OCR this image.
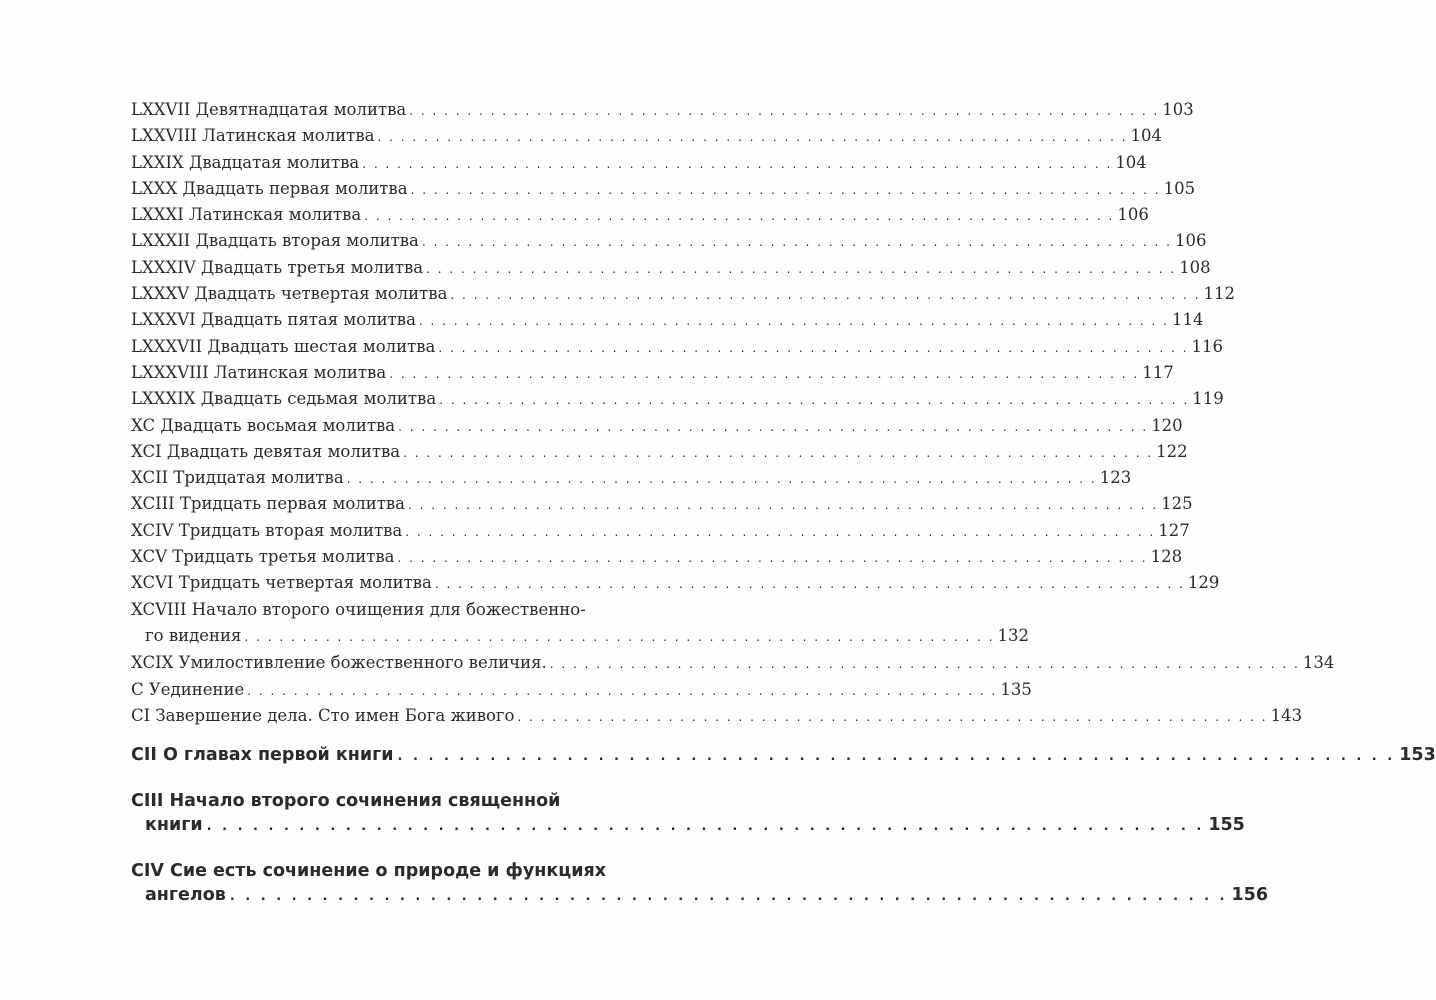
LXXVII Девятнадцатая молитва . . . . . . . . . . . . . . . . . . . . . . . . . . . . . . . . . . . . . . . . . . . . . . . . . . . . . . . . . . . . . . . . . 103
LXXVIII Латинская молитва . . . . . . . . . . . . . . . . . . . . . . . . . . . . . . . . . . . . . . . . . . . . . . . . . . . . . . . . . . . . . . . . . 104
LXXIX Двадцатая молитва . . . . . . . . . . . . . . . . . . . . . . . . . . . . . . . . . . . . . . . . . . . . . . . . . . . . . . . . . . . . . . . . . 104
LXXX Двадцать первая молитва . . . . . . . . . . . . . . . . . . . . . . . . . . . . . . . . . . . . . . . . . . . . . . . . . . . . . . . . . . . . . . . . . 105
LXXXI Латинская молитва . . . . . . . . . . . . . . . . . . . . . . . . . . . . . . . . . . . . . . . . . . . . . . . . . . . . . . . . . . . . . . . . . 106
LXXXII Двадцать вторая молитва . . . . . . . . . . . . . . . . . . . . . . . . . . . . . . . . . . . . . . . . . . . . . . . . . . . . . . . . . . . . . . . . . 106
LXXXIV Двадцать третья молитва . . . . . . . . . . . . . . . . . . . . . . . . . . . . . . . . . . . . . . . . . . . . . . . . . . . . . . . . . . . . . . . . . 108
LXXXV Двадцать четвертая молитва . . . . . . . . . . . . . . . . . . . . . . . . . . . . . . . . . . . . . . . . . . . . . . . . . . . . . . . . . . . . . . . . . 112
LXXXVI Двадцать пятая молитва . . . . . . . . . . . . . . . . . . . . . . . . . . . . . . . . . . . . . . . . . . . . . . . . . . . . . . . . . . . . . . . . . 114
LXXXVII Двадцать шестая молитва . . . . . . . . . . . . . . . . . . . . . . . . . . . . . . . . . . . . . . . . . . . . . . . . . . . . . . . . . . . . . . . . . 116
LXXXVIII Латинская молитва . . . . . . . . . . . . . . . . . . . . . . . . . . . . . . . . . . . . . . . . . . . . . . . . . . . . . . . . . . . . . . . . . 117
LXXXIX Двадцать седьмая молитва . . . . . . . . . . . . . . . . . . . . . . . . . . . . . . . . . . . . . . . . . . . . . . . . . . . . . . . . . . . . . . . . . 119
XC Двадцать восьмая молитва . . . . . . . . . . . . . . . . . . . . . . . . . . . . . . . . . . . . . . . . . . . . . . . . . . . . . . . . . . . . . . . . . 120
XCI Двадцать девятая молитва . . . . . . . . . . . . . . . . . . . . . . . . . . . . . . . . . . . . . . . . . . . . . . . . . . . . . . . . . . . . . . . . . 122
XCII Тридцатая молитва . . . . . . . . . . . . . . . . . . . . . . . . . . . . . . . . . . . . . . . . . . . . . . . . . . . . . . . . . . . . . . . . . 123
XCIII Тридцать первая молитва . . . . . . . . . . . . . . . . . . . . . . . . . . . . . . . . . . . . . . . . . . . . . . . . . . . . . . . . . . . . . . . . . 125
XCIV Тридцать вторая молитва . . . . . . . . . . . . . . . . . . . . . . . . . . . . . . . . . . . . . . . . . . . . . . . . . . . . . . . . . . . . . . . . . 127
XCV Тридцать третья молитва . . . . . . . . . . . . . . . . . . . . . . . . . . . . . . . . . . . . . . . . . . . . . . . . . . . . . . . . . . . . . . . . . 128
XCVI Тридцать четвертая молитва . . . . . . . . . . . . . . . . . . . . . . . . . . . . . . . . . . . . . . . . . . . . . . . . . . . . . . . . . . . . . . . . . 129
XCVIII Начало второго очищения для божественно-
го видения . . . . . . . . . . . . . . . . . . . . . . . . . . . . . . . . . . . . . . . . . . . . . . . . . . . . . . . . . . . . . . . . . 132
XCIX Умилостивление божественного величия. . . . . . . . . . . . . . . . . . . . . . . . . . . . . . . . . . . . . . . . . . . . . . . . . . . . . . . . . . . . . . . . . . 134
C Уединение . . . . . . . . . . . . . . . . . . . . . . . . . . . . . . . . . . . . . . . . . . . . . . . . . . . . . . . . . . . . . . . . . 135
CI Завершение дела. Сто имен Бога живого . . . . . . . . . . . . . . . . . . . . . . . . . . . . . . . . . . . . . . . . . . . . . . . . . . . . . . . . . . . . . . . . . 143
CII О главах первой книги . . . . . . . . . . . . . . . . . . . . . . . . . . . . . . . . . . . . . . . . . . . . . . . . . . . . . . . . . . . . . . . . . 153
CIII Начало второго сочинения священной
книги . . . . . . . . . . . . . . . . . . . . . . . . . . . . . . . . . . . . . . . . . . . . . . . . . . . . . . . . . . . . . . . . . 155
CIV Сие есть сочинение о природе и функциях
ангелов . . . . . . . . . . . . . . . . . . . . . . . . . . . . . . . . . . . . . . . . . . . . . . . . . . . . . . . . . . . . . . . . . 156
